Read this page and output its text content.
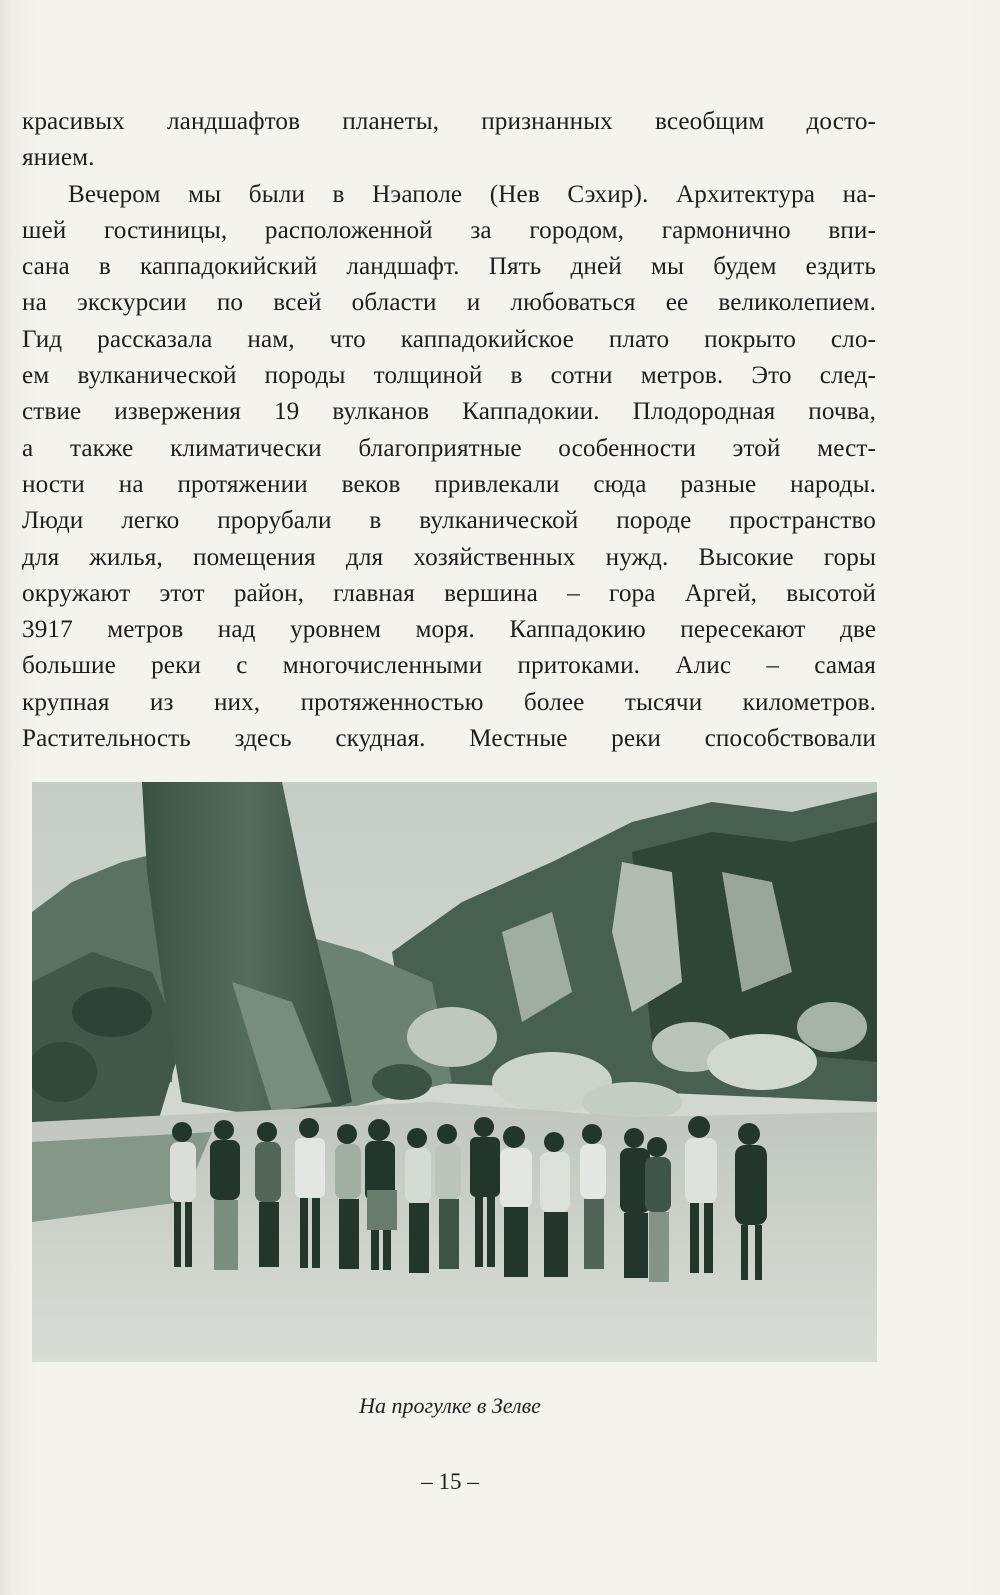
красивых ландшафтов планеты, признанных всеобщим досто-
янием.
Вечером мы были в Нэаполе (Нев Сэхир). Архитектура на-
шей гостиницы, расположенной за городом, гармонично впи-
сана в каппадокийский ландшафт. Пять дней мы будем ездить
на экскурсии по всей области и любоваться ее великолепием.
Гид рассказала нам, что каппадокийское плато покрыто сло-
ем вулканической породы толщиной в сотни метров. Это след-
ствие извержения 19 вулканов Каппадокии. Плодородная почва,
а также климатически благоприятные особенности этой мест-
ности на протяжении веков привлекали сюда разные народы.
Люди легко прорубали в вулканической породе пространство
для жилья, помещения для хозяйственных нужд. Высокие горы
окружают этот район, главная вершина – гора Аргей, высотой
3917 метров над уровнем моря. Каппадокию пересекают две
большие реки с многочисленными притоками. Алис – самая
крупная из них, протяженностью более тысячи километров.
Растительность здесь скудная. Местные реки способствовали
На прогулке в Зелве
– 15 –
